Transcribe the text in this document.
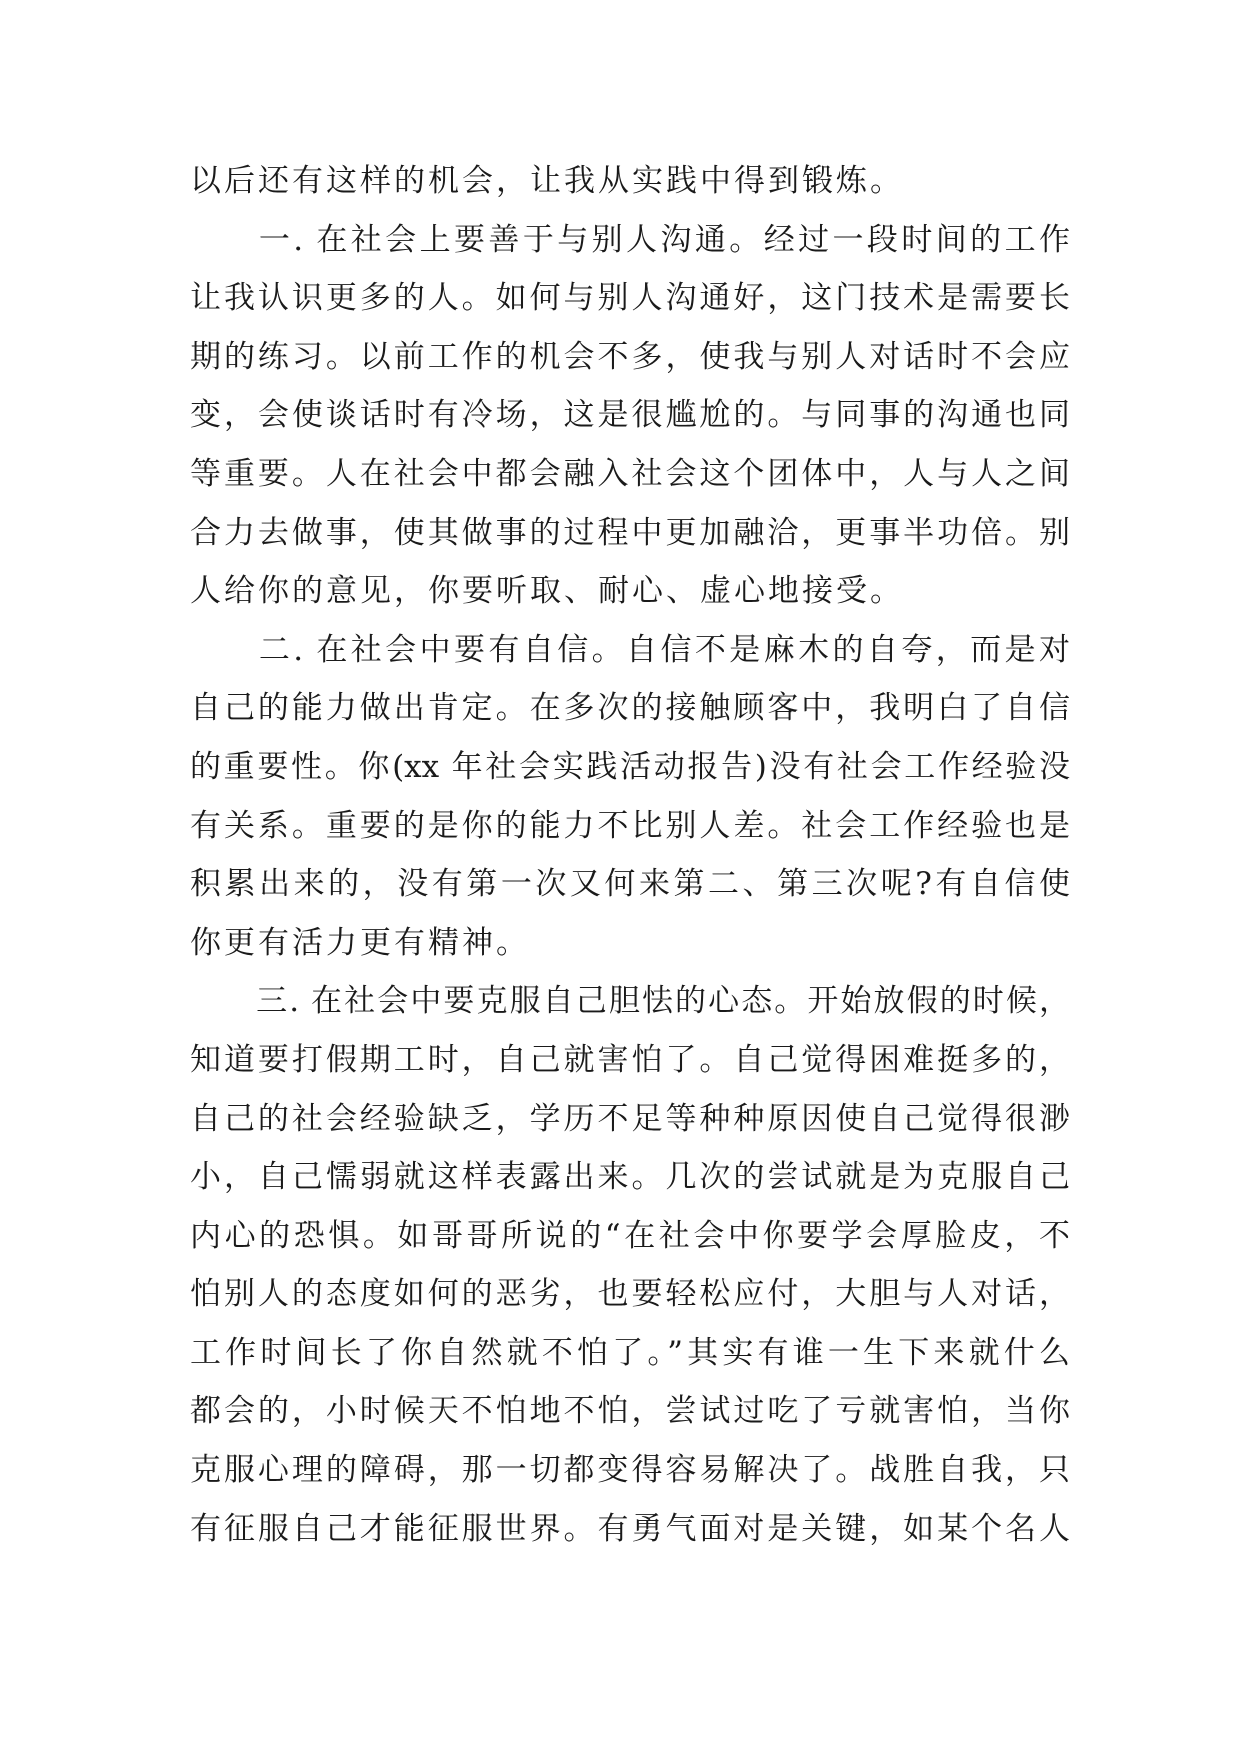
以后还有这样的机会，让我从实践中得到锻炼。
　　一. 在社会上要善于与别人沟通。经过一段时间的工作
让我认识更多的人。如何与别人沟通好，这门技术是需要长
期的练习。以前工作的机会不多，使我与别人对话时不会应
变，会使谈话时有冷场，这是很尴尬的。与同事的沟通也同
等重要。人在社会中都会融入社会这个团体中，人与人之间
合力去做事，使其做事的过程中更加融洽，更事半功倍。别
人给你的意见，你要听取、耐心、虚心地接受。
　　二. 在社会中要有自信。自信不是麻木的自夸，而是对
自己的能力做出肯定。在多次的接触顾客中，我明白了自信
的重要性。你(xx 年社会实践活动报告)没有社会工作经验没
有关系。重要的是你的能力不比别人差。社会工作经验也是
积累出来的，没有第一次又何来第二、第三次呢?有自信使
你更有活力更有精神。
　　三. 在社会中要克服自己胆怯的心态。开始放假的时候，
知道要打假期工时，自己就害怕了。自己觉得困难挺多的，
自己的社会经验缺乏，学历不足等种种原因使自己觉得很渺
小，自己懦弱就这样表露出来。几次的尝试就是为克服自己
内心的恐惧。如哥哥所说的“在社会中你要学会厚脸皮，不
怕别人的态度如何的恶劣，也要轻松应付，大胆与人对话，
工作时间长了你自然就不怕了。”其实有谁一生下来就什么
都会的，小时候天不怕地不怕，尝试过吃了亏就害怕，当你
克服心理的障碍，那一切都变得容易解决了。战胜自我，只
有征服自己才能征服世界。有勇气面对是关键，如某个名人
